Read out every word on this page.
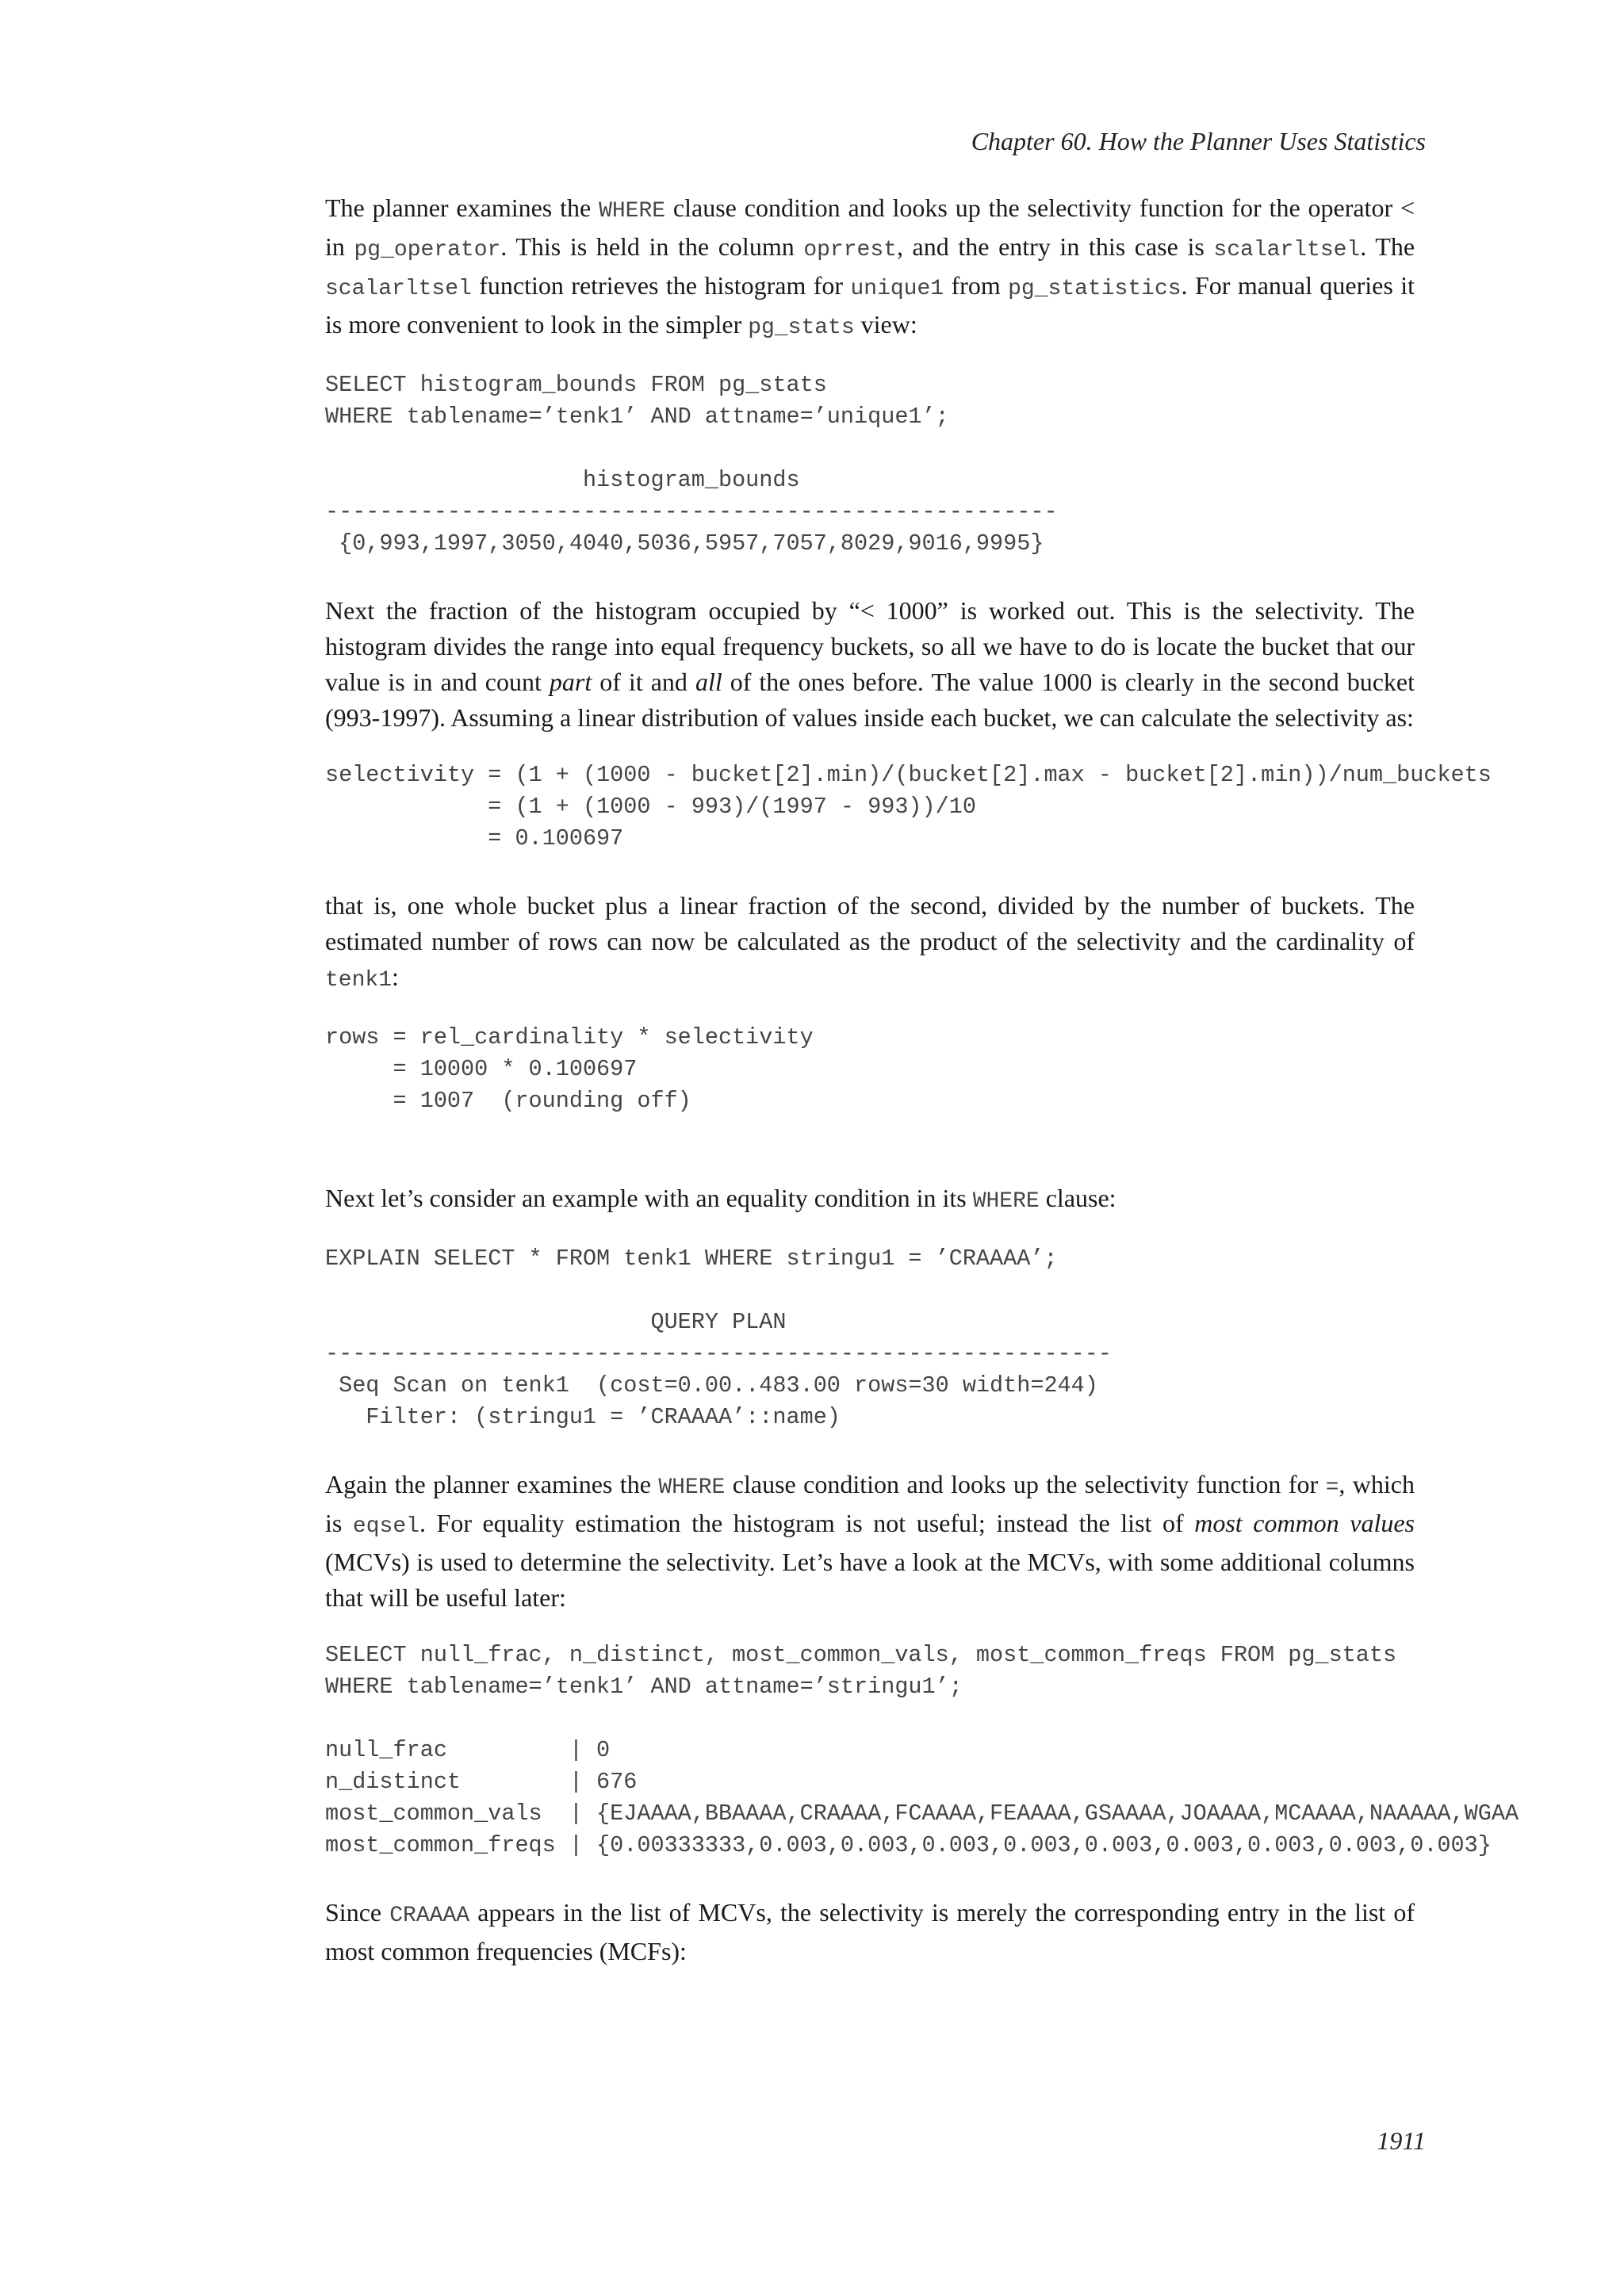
Chapter 60. How the Planner Uses Statistics

The planner examines the WHERE clause condition and looks up the selectivity function for the operator < in pg_operator. This is held in the column oprrest, and the entry in this case is scalarltsel. The scalarltsel function retrieves the histogram for unique1 from pg_statistics. For manual queries it is more convenient to look in the simpler pg_stats view:

SELECT histogram_bounds FROM pg_stats
WHERE tablename=’tenk1’ AND attname=’unique1’;

histogram_bounds
------------------------------------------------------
{0,993,1997,3050,4040,5036,5957,7057,8029,9016,9995}

Next the fraction of the histogram occupied by “< 1000” is worked out. This is the selectivity. The histogram divides the range into equal frequency buckets, so all we have to do is locate the bucket that our value is in and count part of it and all of the ones before. The value 1000 is clearly in the second bucket (993-1997). Assuming a linear distribution of values inside each bucket, we can calculate the selectivity as:

selectivity = (1 + (1000 - bucket[2].min)/(bucket[2].max - bucket[2].min))/num_buckets
= (1 + (1000 - 993)/(1997 - 993))/10
= 0.100697

that is, one whole bucket plus a linear fraction of the second, divided by the number of buckets. The estimated number of rows can now be calculated as the product of the selectivity and the cardinality of tenk1:

rows = rel_cardinality * selectivity
= 10000 * 0.100697
= 1007  (rounding off)

Next let’s consider an example with an equality condition in its WHERE clause:

EXPLAIN SELECT * FROM tenk1 WHERE stringu1 = ’CRAAAA’;

QUERY PLAN
----------------------------------------------------------
Seq Scan on tenk1  (cost=0.00..483.00 rows=30 width=244)
Filter: (stringu1 = ’CRAAAA’::name)

Again the planner examines the WHERE clause condition and looks up the selectivity function for =, which is eqsel. For equality estimation the histogram is not useful; instead the list of most common values (MCVs) is used to determine the selectivity. Let’s have a look at the MCVs, with some additional columns that will be useful later:

SELECT null_frac, n_distinct, most_common_vals, most_common_freqs FROM pg_stats
WHERE tablename=’tenk1’ AND attname=’stringu1’;

null_frac         | 0
n_distinct        | 676
most_common_vals  | {EJAAAA,BBAAAA,CRAAAA,FCAAAA,FEAAAA,GSAAAA,JOAAAA,MCAAAA,NAAAAA,WGAA
most_common_freqs | {0.00333333,0.003,0.003,0.003,0.003,0.003,0.003,0.003,0.003,0.003}

Since CRAAAA appears in the list of MCVs, the selectivity is merely the corresponding entry in the list of most common frequencies (MCFs):

1911
